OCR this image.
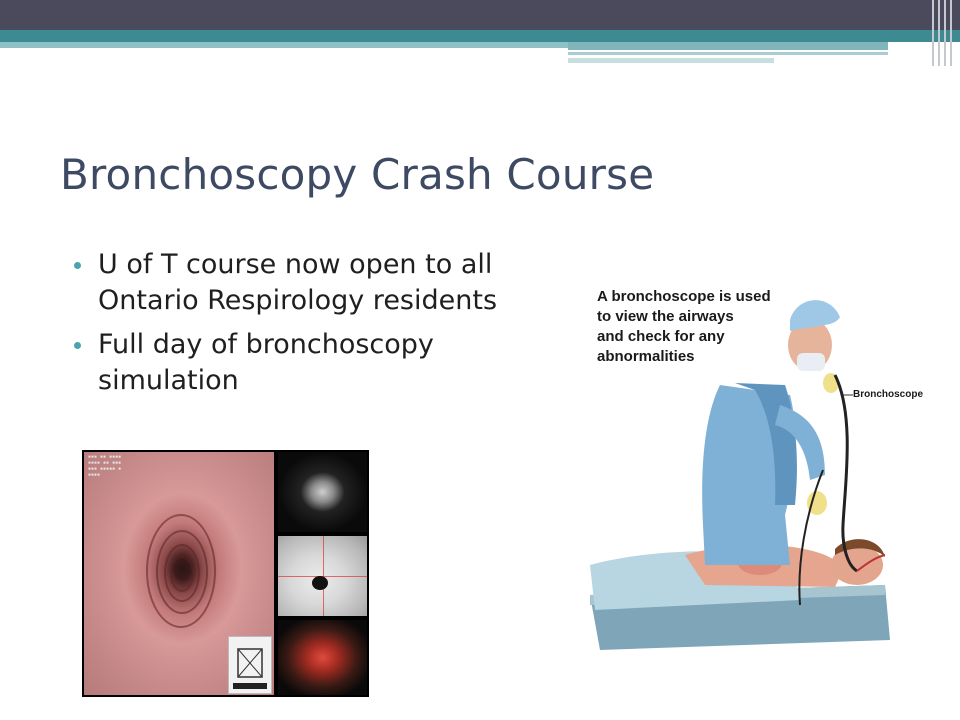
Bronchoscopy Crash Course
U of T course now open to all Ontario Respirology residents
Full day of bronchoscopy simulation
▪▪▪ ▪▪ ▪▪▪▪
▪▪▪▪ ▪▪ ▪▪▪
▪▪▪ ▪▪▪▪▪ ▪
▪▪▪▪
A bronchoscope is used
to view the airways
and check for any
abnormalities
Bronchoscope
